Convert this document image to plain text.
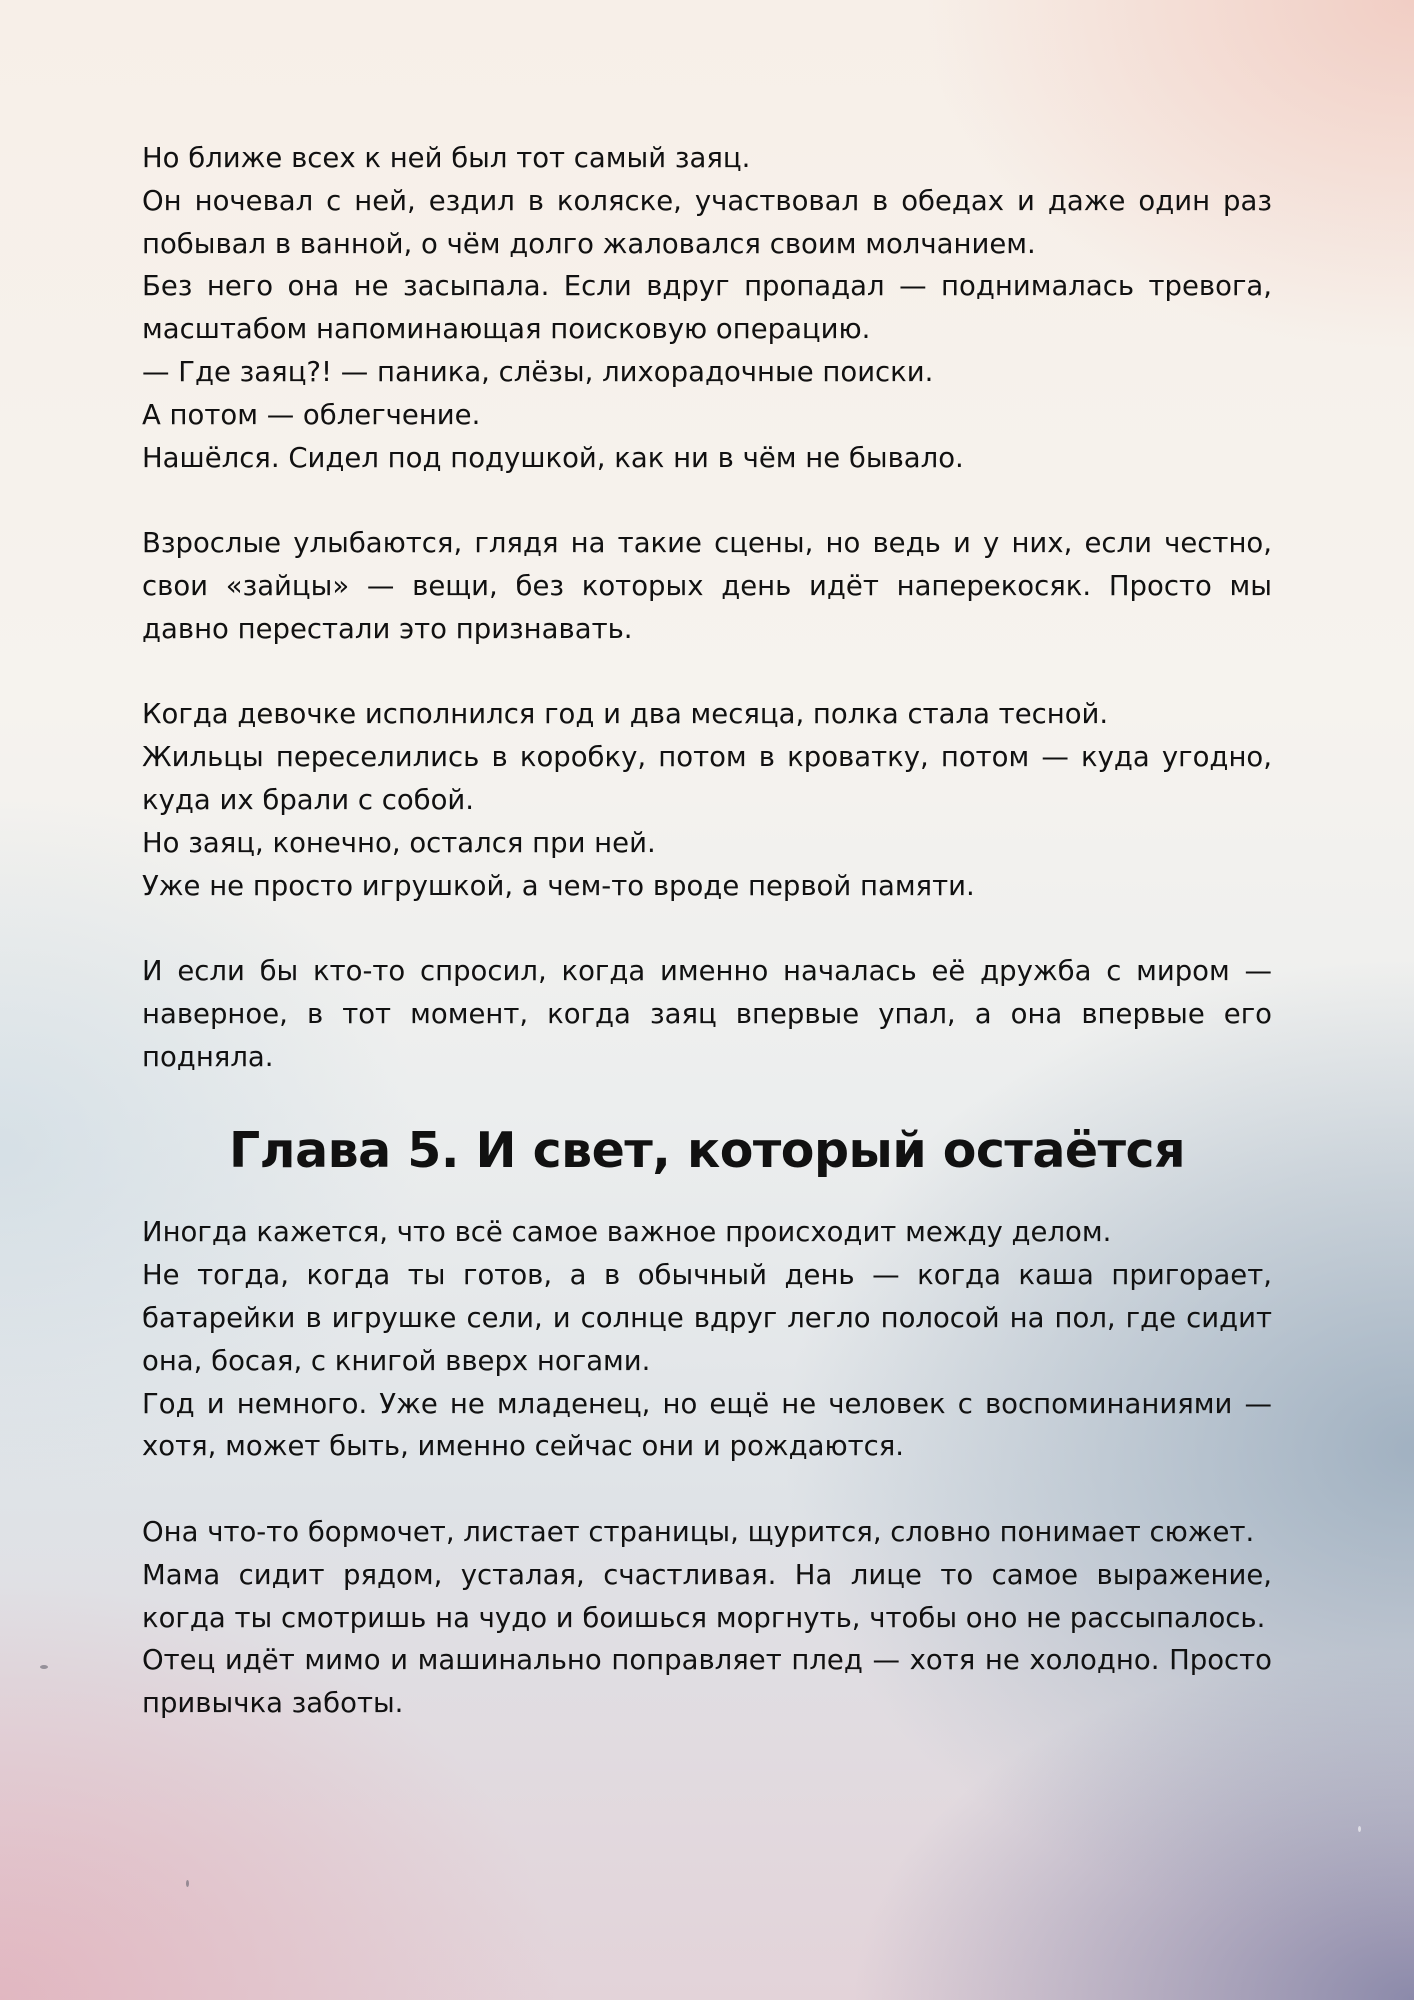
Но ближе всех к ней был тот самый заяц.
Он ночевал с ней, ездил в коляске, участвовал в обедах и даже один раз побывал в ванной, о чём долго жаловался своим молчанием.
Без него она не засыпала. Если вдруг пропадал — поднималась тревога, масштабом напоминающая поисковую операцию.
— Где заяц?! — паника, слёзы, лихорадочные поиски.
А потом — облегчение.
Нашёлся. Сидел под подушкой, как ни в чём не бывало.

Взрослые улыбаются, глядя на такие сцены, но ведь и у них, если честно, свои «зайцы» — вещи, без которых день идёт наперекосяк. Просто мы давно перестали это признавать.

Когда девочке исполнился год и два месяца, полка стала тесной.
Жильцы переселились в коробку, потом в кроватку, потом — куда угодно, куда их брали с собой.
Но заяц, конечно, остался при ней.
Уже не просто игрушкой, а чем-то вроде первой памяти.

И если бы кто-то спросил, когда именно началась её дружба с миром — наверное, в тот момент, когда заяц впервые упал, а она впервые его подняла.

Глава 5. И свет, который остаётся

Иногда кажется, что всё самое важное происходит между делом.
Не тогда, когда ты готов, а в обычный день — когда каша пригорает, батарейки в игрушке сели, и солнце вдруг легло полосой на пол, где сидит она, босая, с книгой вверх ногами.
Год и немного. Уже не младенец, но ещё не человек с воспоминаниями — хотя, может быть, именно сейчас они и рождаются.

Она что-то бормочет, листает страницы, щурится, словно понимает сюжет.
Мама сидит рядом, усталая, счастливая. На лице то самое выражение, когда ты смотришь на чудо и боишься моргнуть, чтобы оно не рассыпалось.
Отец идёт мимо и машинально поправляет плед — хотя не холодно. Просто привычка заботы.
